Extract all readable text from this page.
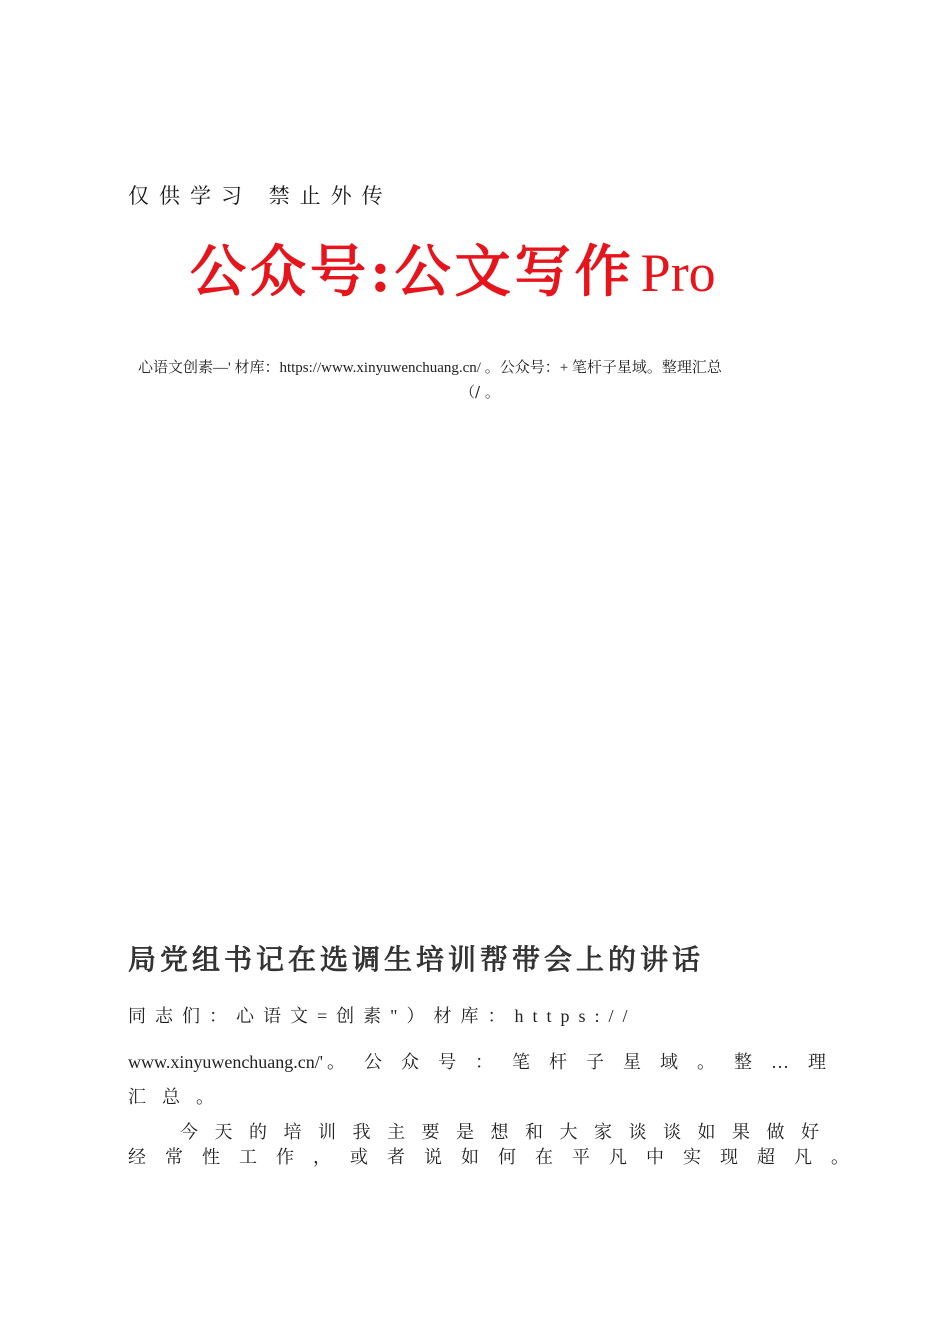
仅供学习 禁止外传
公众号:公文写作 Pro
心语文创素—' 材库：https://www.xinyuwenchuang.cn/ 。公众号：+ 笔杆子星域。整理汇总
（/ 。
局党组书记在选调生培训帮带会上的讲话
同志们：心语文=创素"）材库：https://
www.xinyuwenchuang.cn/' 。公众号：笔杆子星域。整…理
汇总。
今天的培训我主要是想和大家谈谈如果做好
经常性工作，或者说如何在平凡中实现超凡。
